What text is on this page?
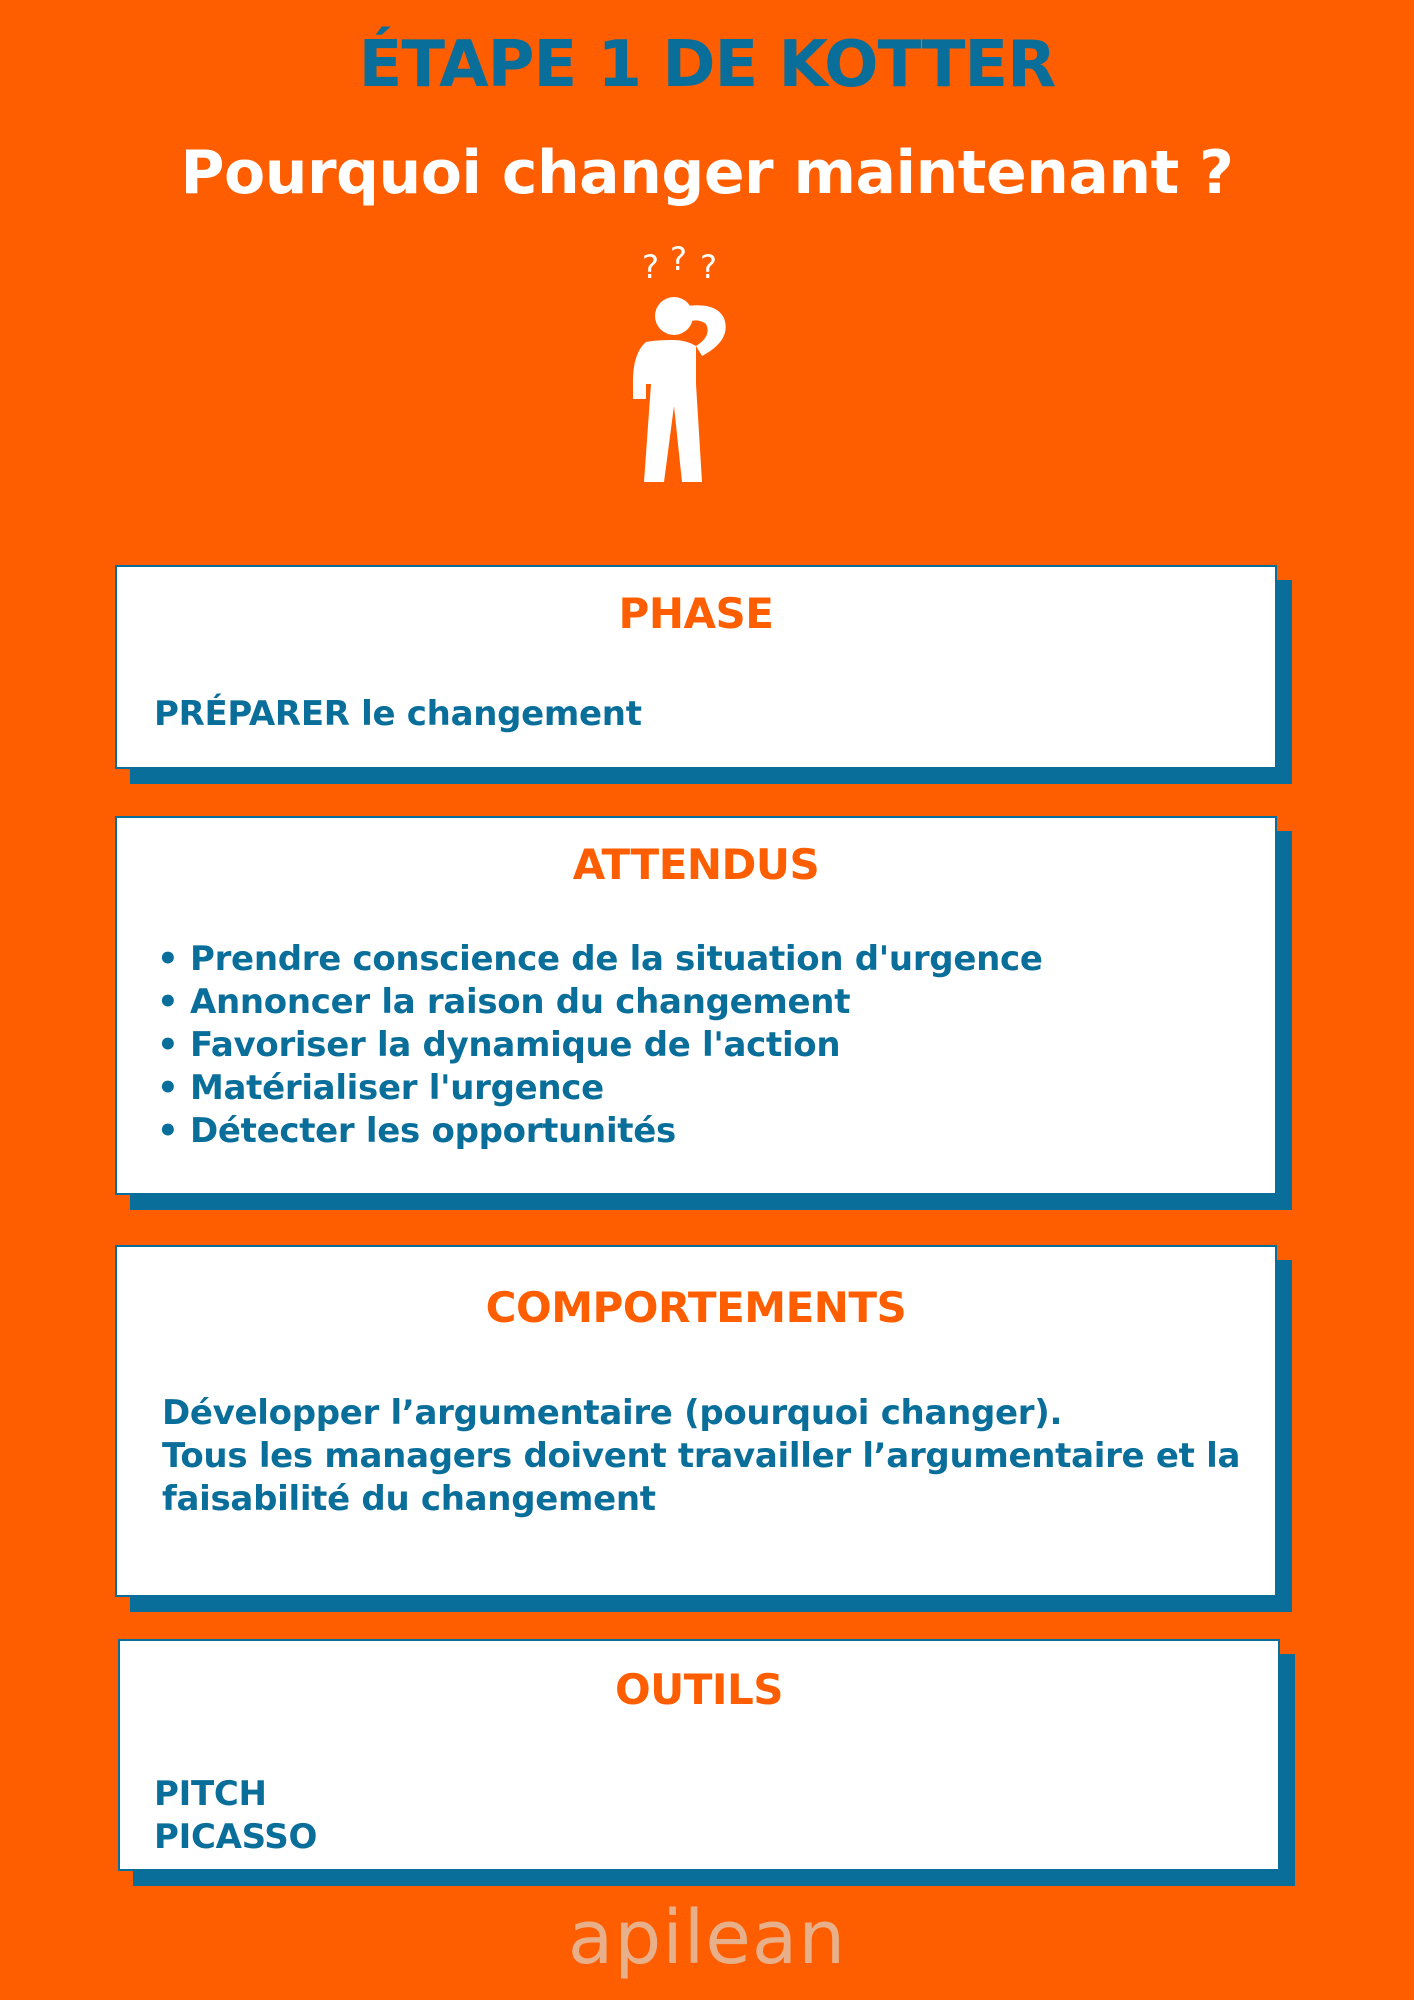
ÉTAPE 1 DE KOTTER
Pourquoi changer maintenant ?
? ? ?
PHASE
PRÉPARER le changement
ATTENDUS
• Prendre conscience de la situation d'urgence
• Annoncer la raison du changement
• Favoriser la dynamique de l'action
• Matérialiser l'urgence
• Détecter les opportunités
COMPORTEMENTS
Développer l’argumentaire (pourquoi changer).
Tous les managers doivent travailler l’argumentaire et la
faisabilité du changement
OUTILS
PITCH
PICASSO
apilean
